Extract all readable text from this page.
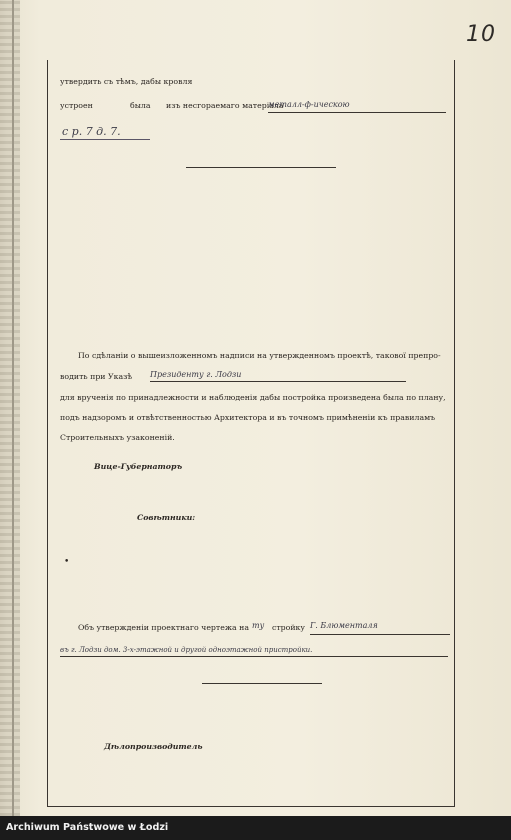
10
утвердить съ тѣмъ, дабы кровля
устроен	была изъ несгораемаго матеріала
металл-ф-ическою
с р. 7 д. 7.
По сдѣланіи о вышеизложенномъ надписи на утвержденномъ проектѣ, такової препро-
водить при Указѣ Президенту г. Лодзи
для врученія по принадлежности и наблюденія дабы постройка произведена была по плану,
подъ надзоромъ и отвѣтственностью Архитектора и въ точномъ примѣненіи къ правиламъ
Строительныхъ узаконеній.
Вице-Губернаторъ
Совѣтники:
•
Объ утвержденіи проектнаго чертежа на ту стройку Г. Блюменталя
въ г. Лодзи дом. 3-х-этажной и другой одноэтажной пристройки.
Дѣлопроизводитель
Archiwum Państwowe w Łodzi
